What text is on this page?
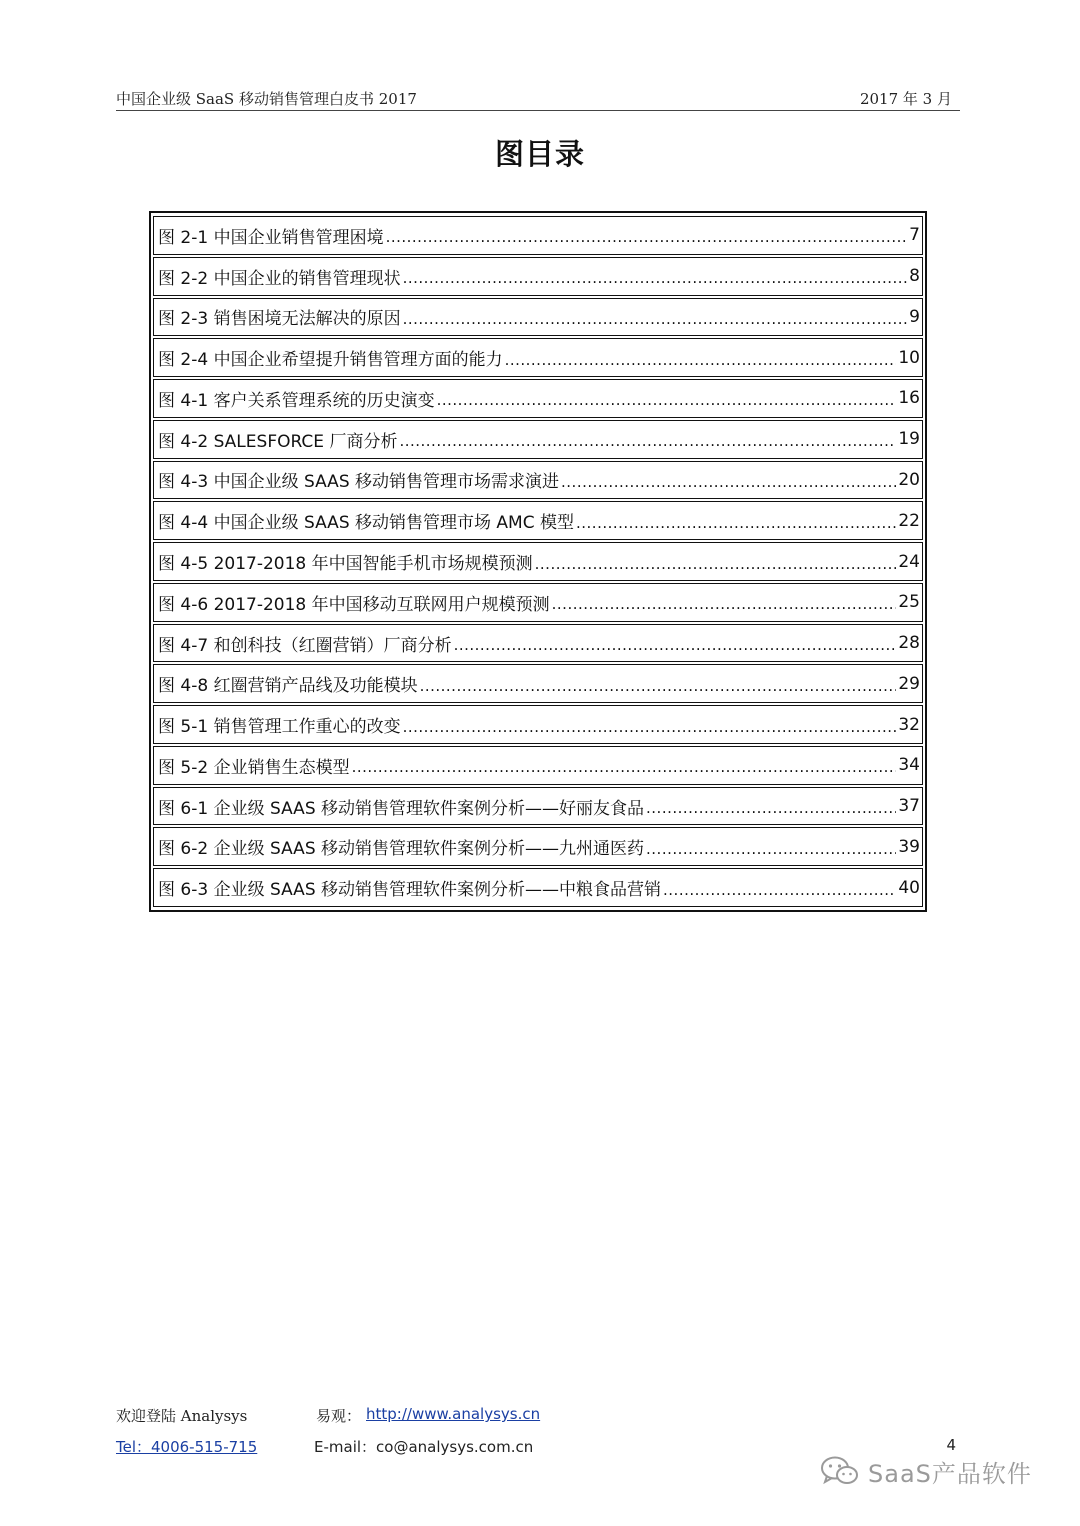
中国企业级 SaaS 移动销售管理白皮书 2017	2017 年 3 月
图目录
图 2-1 中国企业销售管理困境 .....	7
图 2-2 中国企业的销售管理现状 .....	8
图 2-3 销售困境无法解决的原因 .....	9
图 2-4 中国企业希望提升销售管理方面的能力 .....	10
图 4-1 客户关系管理系统的历史演变 .....	16
图 4-2 SALESFORCE 厂商分析 .....	19
图 4-3 中国企业级 SAAS 移动销售管理市场需求演进 .....	20
图 4-4 中国企业级 SAAS 移动销售管理市场 AMC 模型 .....	22
图 4-5 2017-2018 年中国智能手机市场规模预测 .....	24
图 4-6 2017-2018 年中国移动互联网用户规模预测 .....	25
图 4-7 和创科技（红圈营销）厂商分析 .....	28
图 4-8 红圈营销产品线及功能模块 .....	29
图 5-1 销售管理工作重心的改变 .....	32
图 5-2 企业销售生态模型 .....	34
图 6-1 企业级 SAAS 移动销售管理软件案例分析——好丽友食品 .....	37
图 6-2 企业级 SAAS 移动销售管理软件案例分析——九州通医药 .....	39
图 6-3 企业级 SAAS 移动销售管理软件案例分析——中粮食品营销 .....	40
欢迎登陆 Analysys	易观： http://www.analysys.cn
Tel：4006-515-715	E-mail：co@analysys.com.cn	4
SaaS产品软件
